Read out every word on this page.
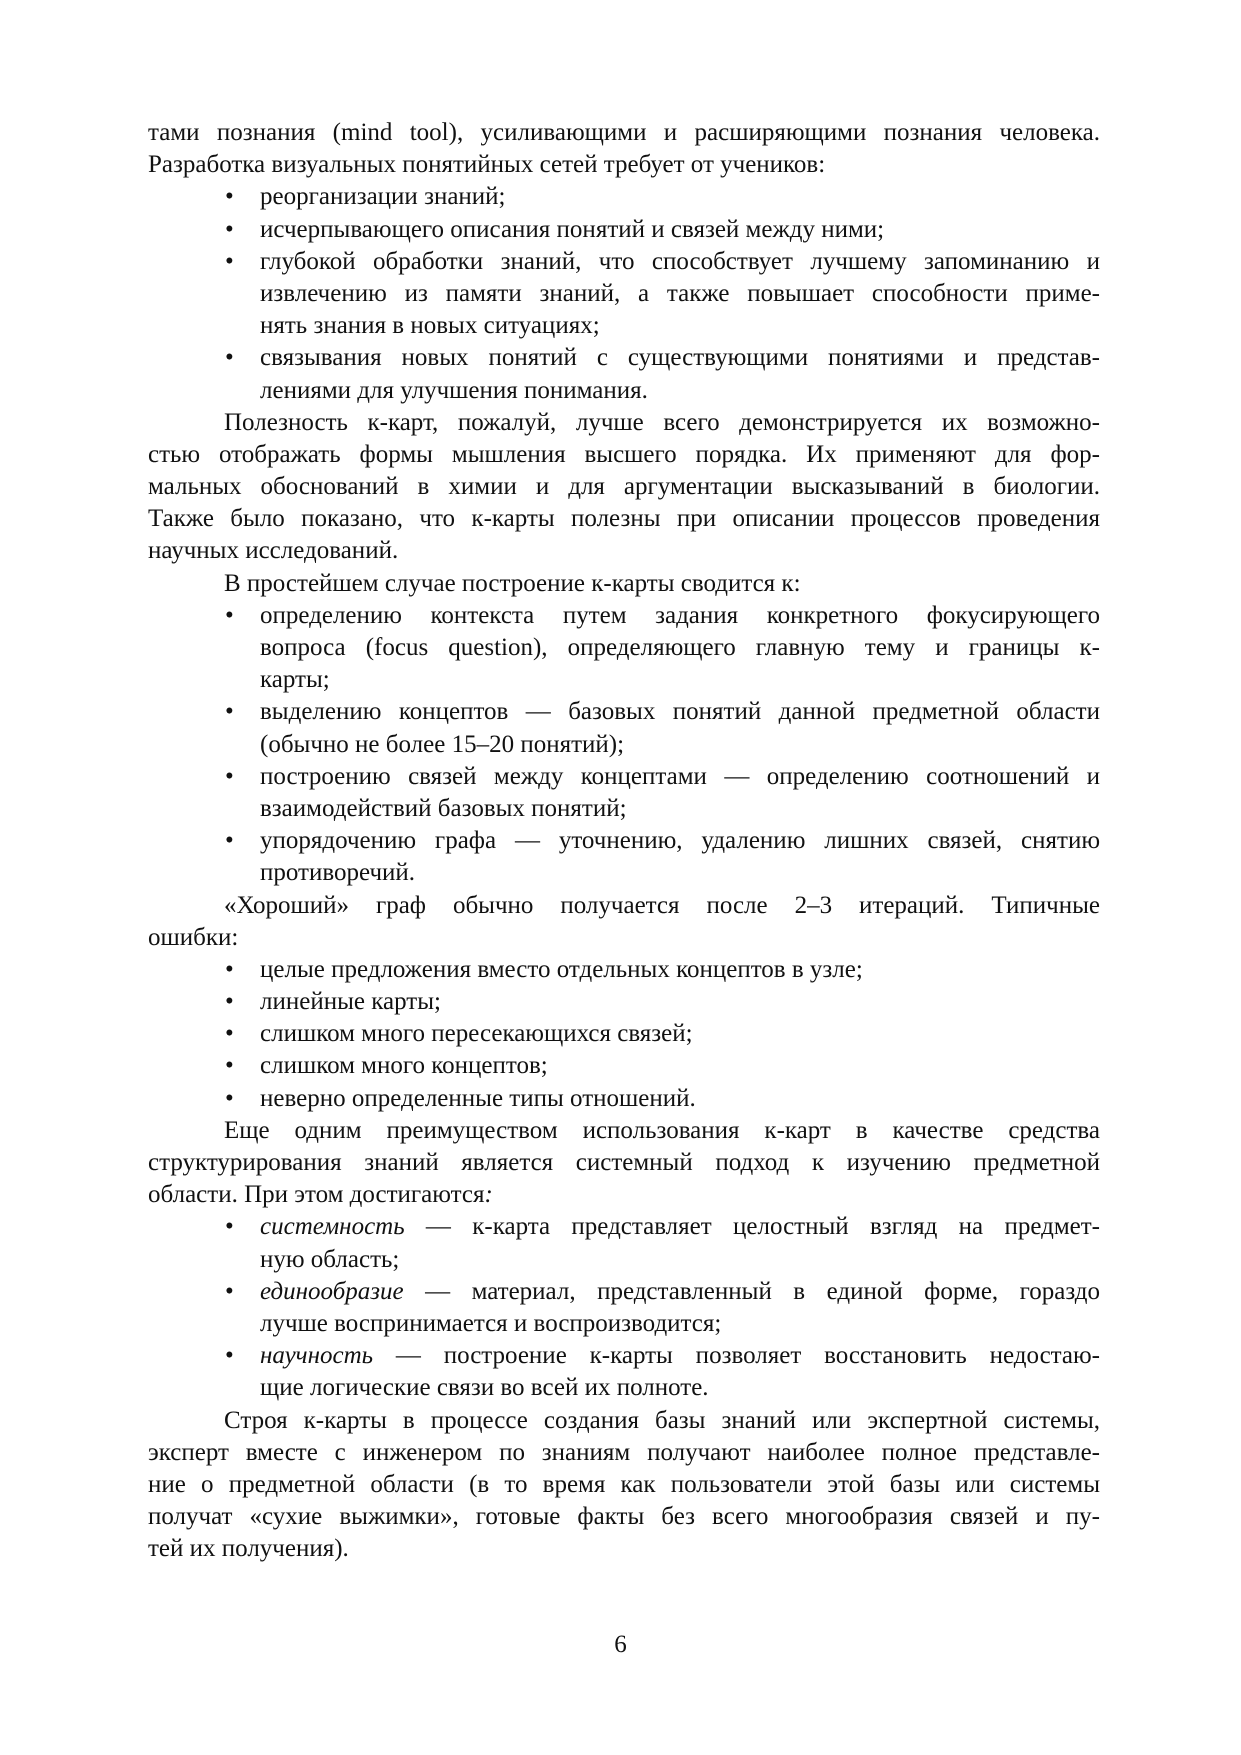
тами познания (mind tool), усиливающими и расширяющими познания человека.
Разработка визуальных понятийных сетей требует от учеников:
• реорганизации знаний;
• исчерпывающего описания понятий и связей между ними;
• глубокой обработки знаний, что способствует лучшему запоминанию и
извлечению из памяти знаний, а также повышает способности приме-
нять знания в новых ситуациях;
• связывания новых понятий с существующими понятиями и представ-
лениями для улучшения понимания.
Полезность к-карт, пожалуй, лучше всего демонстрируется их возможно-
стью отображать формы мышления высшего порядка. Их применяют для фор-
мальных обоснований в химии и для аргументации высказываний в биологии.
Также было показано, что к-карты полезны при описании процессов проведения
научных исследований.
В простейшем случае построение к-карты сводится к:
• определению контекста путем задания конкретного фокусирующего
вопроса (focus question), определяющего главную тему и границы к-
карты;
• выделению концептов — базовых понятий данной предметной области
(обычно не более 15–20 понятий);
• построению связей между концептами — определению соотношений и
взаимодействий базовых понятий;
• упорядочению графа — уточнению, удалению лишних связей, снятию
противоречий.
«Хороший» граф обычно получается после 2–3 итераций. Типичные
ошибки:
• целые предложения вместо отдельных концептов в узле;
• линейные карты;
• слишком много пересекающихся связей;
• слишком много концептов;
• неверно определенные типы отношений.
Еще одним преимуществом использования к-карт в качестве средства
структурирования знаний является системный подход к изучению предметной
области. При этом достигаются:
• системность — к-карта представляет целостный взгляд на предмет-
ную область;
• единообразие — материал, представленный в единой форме, гораздо
лучше воспринимается и воспроизводится;
• научность — построение к-карты позволяет восстановить недостаю-
щие логические связи во всей их полноте.
Строя к-карты в процессе создания базы знаний или экспертной системы,
эксперт вместе с инженером по знаниям получают наиболее полное представле-
ние о предметной области (в то время как пользователи этой базы или системы
получат «сухие выжимки», готовые факты без всего многообразия связей и пу-
тей их получения).
6
